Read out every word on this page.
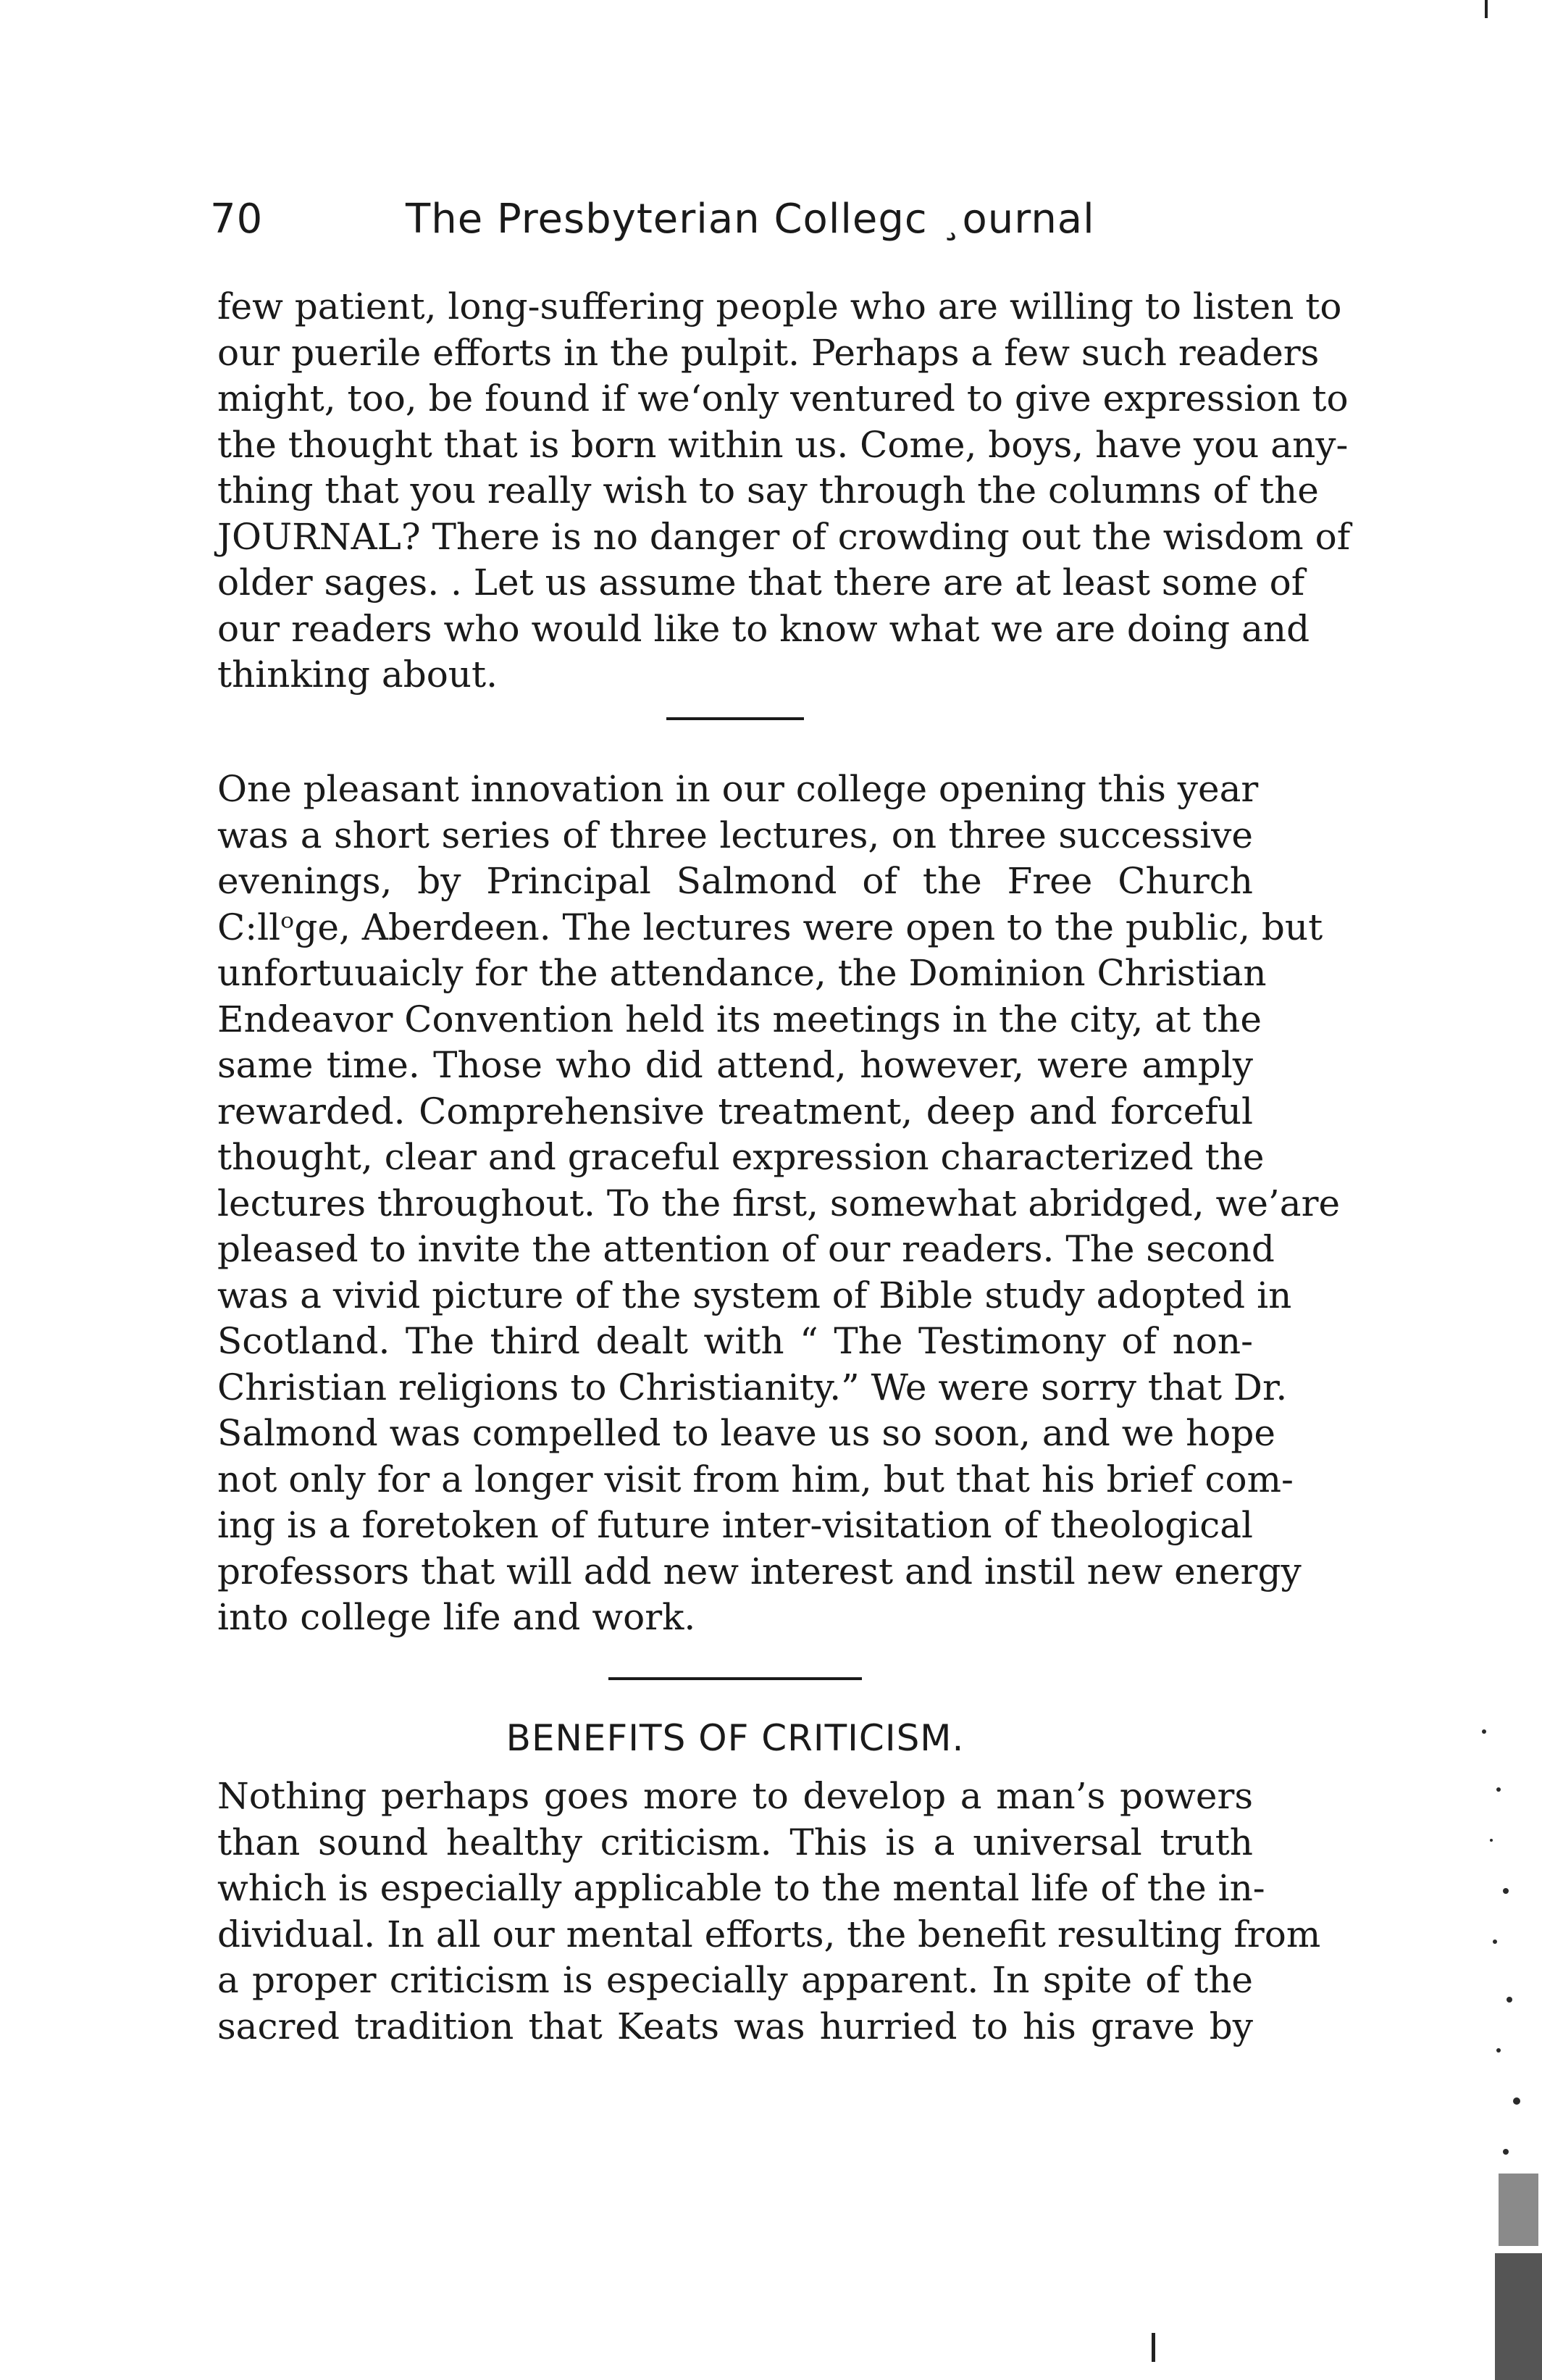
70	The Presbyterian Collegc ¸ournal
few patient, long-suffering people who are willing to listen to
our puerile efforts in the pulpit. Perhaps a few such readers
might, too, be found if we‘only ventured to give expression to
the thought that is born within us. Come, boys, have you any-
thing that you really wish to say through the columns of the
JOURNAL? There is no danger of crowding out the wisdom of
older sages. . Let us assume that there are at least some of
our readers who would like to know what we are doing and
thinking about.
One pleasant innovation in our college opening this year
was a short series of three lectures, on three successive
evenings, by Principal Salmond of the Free Church
C:llᵒge, Aberdeen. The lectures were open to the public, but
unfortuuaicly for the attendance, the Dominion Christian
Endeavor Convention held its meetings in the city, at the
same time. Those who did attend, however, were amply
rewarded. Comprehensive treatment, deep and forceful
thought, clear and graceful expression characterized the
lectures throughout. To the first, somewhat abridged, we’are
pleased to invite the attention of our readers. The second
was a vivid picture of the system of Bible study adopted in
Scotland. The third dealt with “ The Testimony of non-
Christian religions to Christianity.” We were sorry that Dr.
Salmond was compelled to leave us so soon, and we hope
not only for a longer visit from him, but that his brief com-
ing is a foretoken of future inter-visitation of theological
professors that will add new interest and instil new energy
into college life and work.
BENEFITS OF CRITICISM.
Nothing perhaps goes more to develop a man’s powers
than sound healthy criticism. This is a universal truth
which is especially applicable to the mental life of the in-
dividual. In all our mental efforts, the benefit resulting from
a proper criticism is especially apparent. In spite of the
sacred tradition that Keats was hurried to his grave by
